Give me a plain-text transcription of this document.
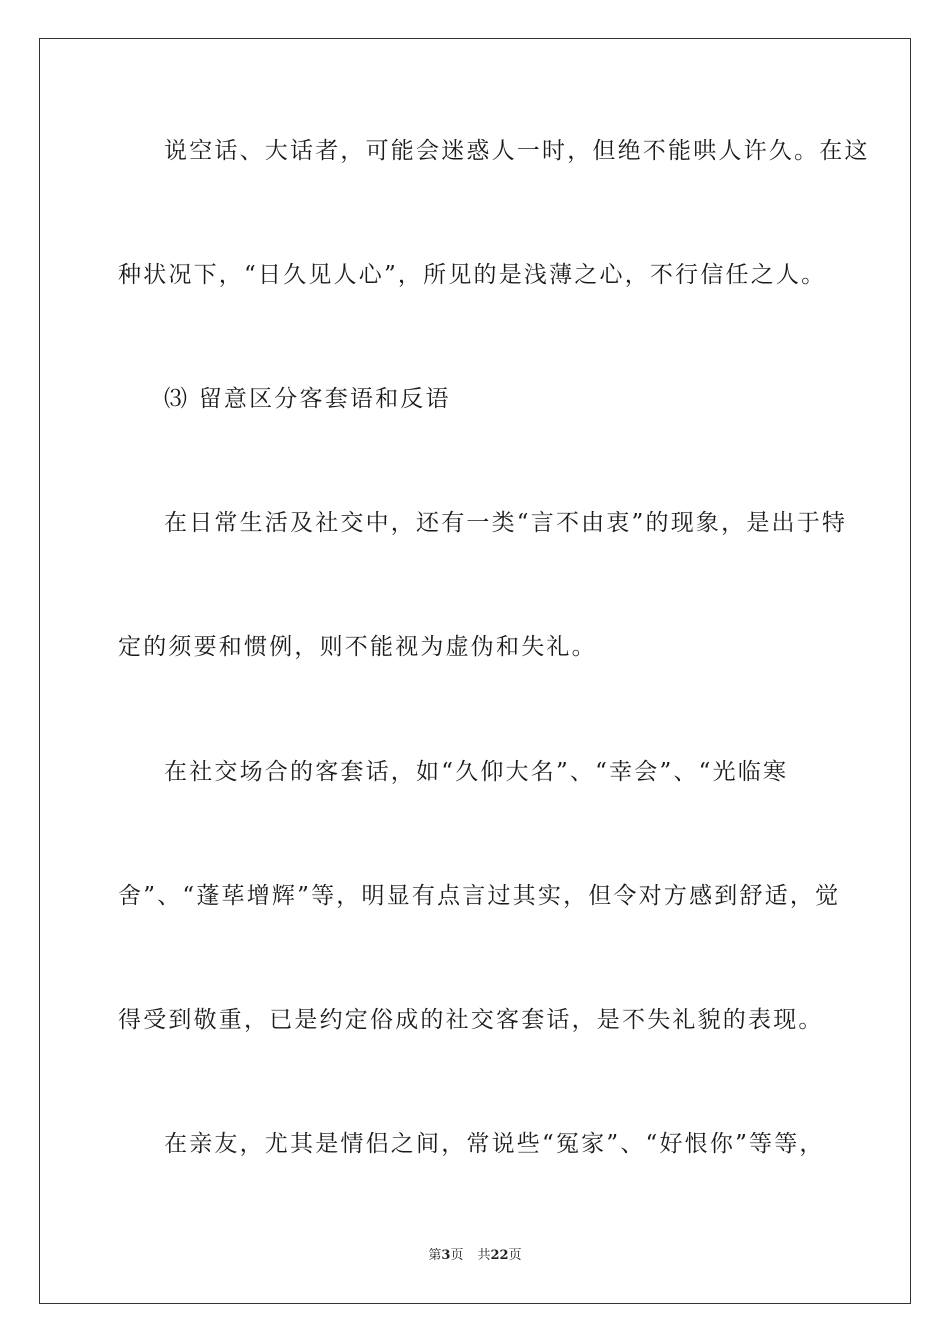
说空话、大话者，可能会迷惑人一时，但绝不能哄人许久。在这
种状况下，“日久见人心”，所见的是浅薄之心，不行信任之人。
⑶ 留意区分客套语和反语
在日常生活及社交中，还有一类“言不由衷”的现象，是出于特
定的须要和惯例，则不能视为虚伪和失礼。
在社交场合的客套话，如“久仰大名”、“幸会”、“光临寒
舍”、“蓬荜增辉”等，明显有点言过其实，但令对方感到舒适，觉
得受到敬重，已是约定俗成的社交客套话，是不失礼貌的表现。
在亲友，尤其是情侣之间，常说些“冤家”、“好恨你”等等，
第3页 共22页
